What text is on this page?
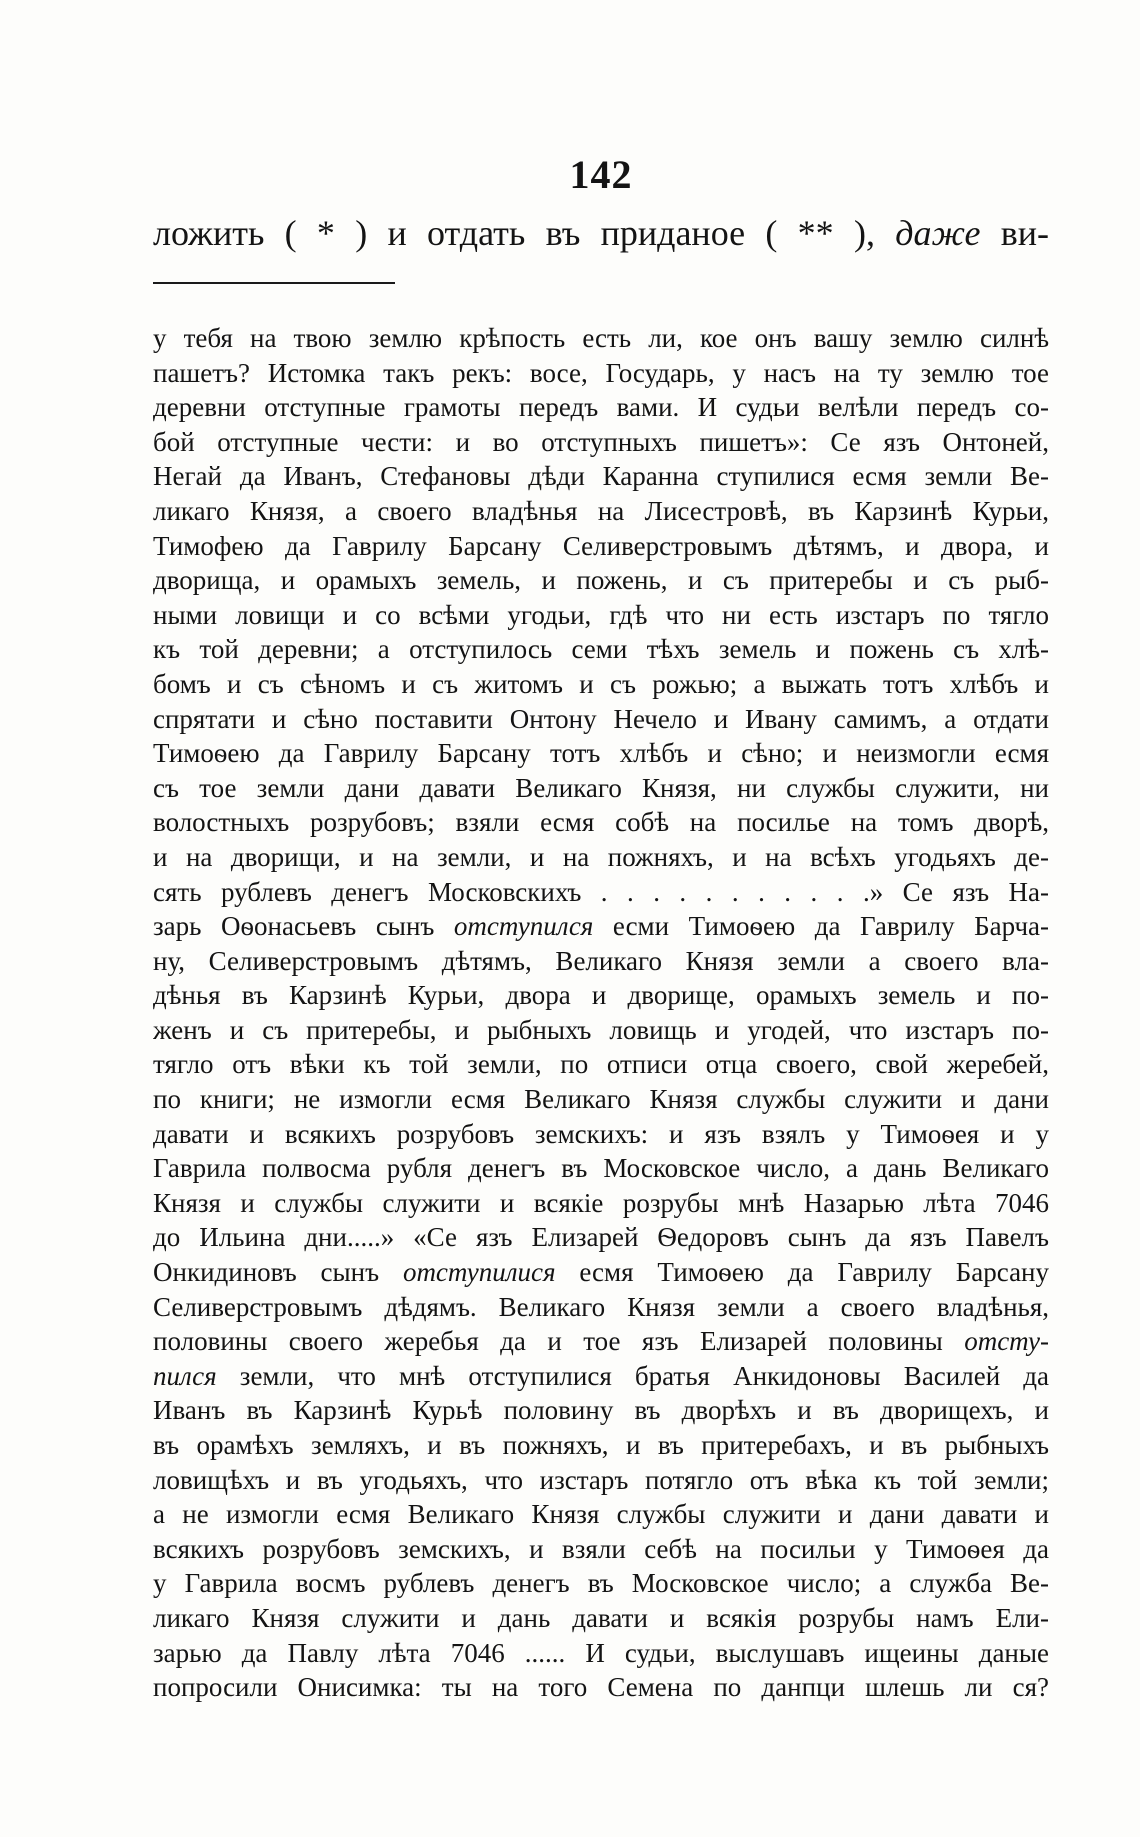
142
ложить ( * ) и отдать въ приданое ( ** ), даже ви-
у тебя на твою землю крѣпость есть ли, кое онъ вашу землю силнѣ
пашетъ? Истомка такъ рекъ: восе, Государь, у насъ на ту землю тое
деревни отступные грамоты передъ вами. И судьи велѣли передъ со-
бой отступные чести: и во отступныхъ пишетъ»: Се язъ Онтоней,
Негай да Иванъ, Стефановы дѣди Каранна ступилися есмя земли Ве-
ликаго Князя, а своего владѣнья на Лисестровѣ, въ Карзинѣ Курьи,
Тимофею да Гаврилу Барсану Селиверстровымъ дѣтямъ, и двора, и
дворища, и орамыхъ земель, и пожень, и съ притеребы и съ рыб-
ными ловищи и со всѣми угодьи, гдѣ что ни есть изстаръ по тягло
къ той деревни; а отступилось семи тѣхъ земель и пожень съ хлѣ-
бомъ и съ сѣномъ и съ житомъ и съ рожью; а выжать тотъ хлѣбъ и
спрятати и сѣно поставити Онтону Нечело и Ивану самимъ, а отдати
Тимоѳею да Гаврилу Барсану тотъ хлѣбъ и сѣно; и неизмогли есмя
съ тое земли дани давати Великаго Князя, ни службы служити, ни
волостныхъ розрубовъ; взяли есмя собѣ на посилье на томъ дворѣ,
и на дворищи, и на земли, и на пожняхъ, и на всѣхъ угодьяхъ де-
сять рублевъ денегъ Московскихъ . . . . . . . . . . .» Се язъ На-
зарь Оѳонасьевъ сынъ отступился есми Тимоѳею да Гаврилу Барча-
ну, Селиверстровымъ дѣтямъ, Великаго Князя земли а своего вла-
дѣнья въ Карзинѣ Курьи, двора и дворище, орамыхъ земель и по-
женъ и съ притеребы, и рыбныхъ ловищь и угодей, что изстаръ по-
тягло отъ вѣки къ той земли, по отписи отца своего, свой жеребей,
по книги; не измогли есмя Великаго Князя службы служити и дани
давати и всякихъ розрубовъ земскихъ: и язъ взялъ у Тимоѳея и у
Гаврила полвосма рубля денегъ въ Московское число, а дань Великаго
Князя и службы служити и всякіе розрубы мнѣ Назарью лѣта 7046
до Ильина дни.....» «Се язъ Елизарей Ѳедоровъ сынъ да язъ Павелъ
Онкидиновъ сынъ отступилися есмя Тимоѳею да Гаврилу Барсану
Селиверстровымъ дѣдямъ. Великаго Князя земли а своего владѣнья,
половины своего жеребья да и тое язъ Елизарей половины отсту-
пился земли, что мнѣ отступилися братья Анкидоновы Василей да
Иванъ въ Карзинѣ Курьѣ половину въ дворѣхъ и въ дворищехъ, и
въ орамѣхъ земляхъ, и въ пожняхъ, и въ притеребахъ, и въ рыбныхъ
ловищѣхъ и въ угодьяхъ, что изстаръ потягло отъ вѣка къ той земли;
а не измогли есмя Великаго Князя службы служити и дани давати и
всякихъ розрубовъ земскихъ, и взяли себѣ на посильи у Тимоѳея да
у Гаврила восмъ рублевъ денегъ въ Московское число; а служба Ве-
ликаго Князя служити и дань давати и всякія розрубы намъ Ели-
зарью да Павлу лѣта 7046 ...... И судьи, выслушавъ ищеины даные
попросили Онисимка: ты на того Семена по данпци шлешь ли ся?
